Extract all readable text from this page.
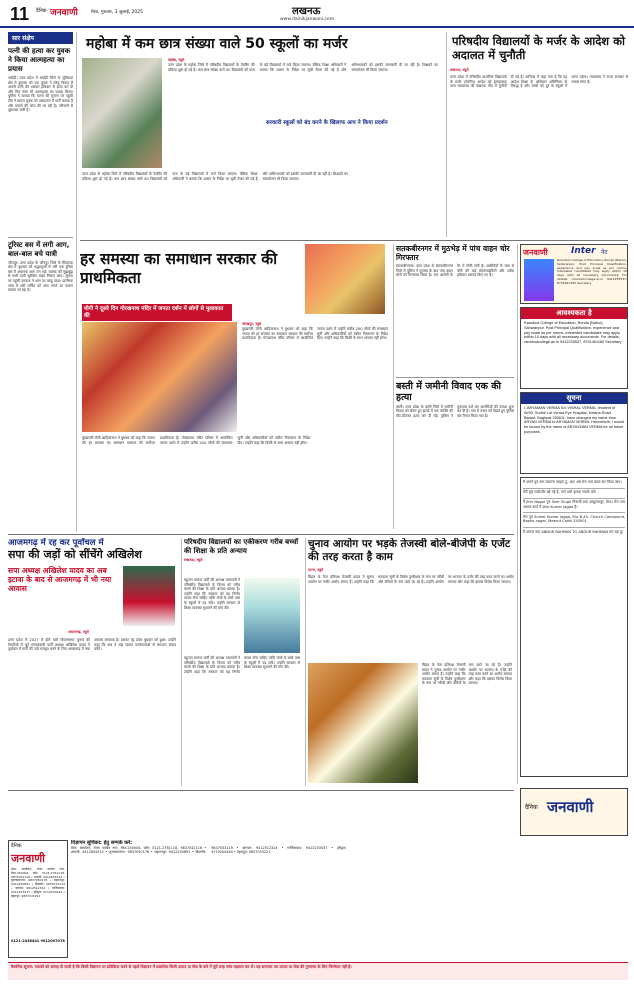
11 दैनिक जनवाणी	मेरठ, गुरुवार, 3 जुलाई, 2025	लखनऊ
www.dainikjanwani.com
सार संक्षेप
पत्नी की हत्या कर युवक ने किया आत्महत्या का प्रयास
भदोही। उत्तर प्रदेश में भदोही जिले के सुरियावां क्षेत्र में बुधवार को एक युवक ने घरेलू विवाद में अपनी पत्नी की धारदार हथियार से हत्या कर दी और फिर स्वयं भी आत्महत्या का प्रयास किया। पुलिस ने बताया कि घटना की सूचना पर पहुंची टीम ने घायल युवक को अस्पताल में भर्ती कराया है और मामले की जांच की जा रही है। परिजनों से पूछताछ जारी है।
टूरिस्ट बस में लगी आग, बाल-बाल बचे यात्री
जौनपुर। उत्तर प्रदेश के जौनपुर जिले के सिकरारा क्षेत्र में बुधवार को श्रद्धालुओं से भरी एक टूरिस्ट बस में अचानक आग लग गई। चालक की सूझबूझ से सभी यात्री सुरक्षित बाहर निकल आए। सूचना पर पहुंची दमकल ने आग पर काबू पाया। प्रारंभिक जांच में शॉर्ट सर्किट को आग लगने का कारण बताया जा रहा है।
महोबा में कम छात्र संख्या वाले 50 स्कूलों का मर्जर
महोबा, ब्यूरो
उत्तर प्रदेश के महोबा जिले में परिषदीय विद्यालयों के पेयरिंग की प्रक्रिया शुरू हो गई है। कम छात्र संख्या वाले 50 विद्यालयों को पास के बड़े विद्यालयों में मर्ज किया जाएगा। बेसिक शिक्षा अधिकारी ने बताया कि शासन के निर्देश पर सूची तैयार की गई है और अभिभावकों को इसकी जानकारी दी जा रही है। शिक्षकों का समायोजन भी किया जाएगा।
सरकारी स्कूलों को बंद करने के खिलाफ आप ने किया प्रदर्शन
उत्तर प्रदेश के महोबा जिले में परिषदीय विद्यालयों के पेयरिंग की प्रक्रिया शुरू हो गई है। कम छात्र संख्या वाले 50 विद्यालयों को पास के बड़े विद्यालयों में मर्ज किया जाएगा। बेसिक शिक्षा अधिकारी ने बताया कि शासन के निर्देश पर सूची तैयार की गई है और अभिभावकों को इसकी जानकारी दी जा रही है। शिक्षकों का समायोजन भी किया जाएगा।
परिषदीय विद्यालयों के मर्जर के आदेश को अदालत में चुनौती
लखनऊ, ब्यूरो
उत्तर प्रदेश में परिषदीय प्राथमिक विद्यालयों के मर्जर (पेयरिंग) आदेश को इलाहाबाद उच्च न्यायालय की लखनऊ पीठ में चुनौती दी गई है। याचिका में कहा गया है कि यह आदेश शिक्षा के अधिकार अधिनियम के विरुद्ध है और बच्चों को दूर के स्कूलों में जाना पड़ेगा। न्यायालय ने राज्य सरकार से जवाब मांगा है।
हर समस्या का समाधान सरकार की प्राथमिकता
योगी ने दूसरे दिन गोरखनाथ मंदिर में जनता दर्शन में लोगों से मुलाकात की
गोरखपुर, ब्यूरो
मुख्यमंत्री योगी आदित्यनाथ ने बुधवार को कहा कि जनता की हर समस्या का समाधान सरकार की सर्वोच्च प्राथमिकता है। गोरखनाथ मंदिर परिसर में आयोजित जनता दर्शन में उन्होंने करीब 200 लोगों की समस्याएं सुनीं और अधिकारियों को त्वरित निस्तारण के निर्देश दिए। उन्होंने कहा कि किसी के साथ अन्याय नहीं होगा।
मुख्यमंत्री योगी आदित्यनाथ ने बुधवार को कहा कि जनता की हर समस्या का समाधान सरकार की सर्वोच्च प्राथमिकता है। गोरखनाथ मंदिर परिसर में आयोजित जनता दर्शन में उन्होंने करीब 200 लोगों की समस्याएं सुनीं और अधिकारियों को त्वरित निस्तारण के निर्देश दिए। उन्होंने कहा कि किसी के साथ अन्याय नहीं होगा।
सतकबीरनगर में मुठभेड़ में पांच वाहन चोर गिरफ्तार
संतकबीरनगर। उत्तर प्रदेश के संतकबीरनगर जिले में पुलिस ने मुठभेड़ के बाद पांच वाहन चोरों को गिरफ्तार किया है। एक आरोपी के पैर में गोली लगी है। आरोपियों के पास से चोरी की कई मोटरसाइकिलें और अवैध हथियार बरामद किए गए हैं।
बस्ती में जमीनी विवाद एक की हत्या
बस्ती। उत्तर प्रदेश के बस्ती जिले में जमीनी विवाद को लेकर हुए झगड़े में एक व्यक्ति की पीट-पीटकर हत्या कर दी गई। पुलिस ने मुकदमा दर्ज कर आरोपियों की तलाश शुरू कर दी है। गांव में तनाव को देखते हुए पुलिस बल तैनात किया गया है।
जनवाणी	Inter नेट
Ramdoot College of Education, Ronda (Nakur), Saharanpur. Post Principal Qualification, experience and pay scale as per norms. Interested candidates may apply within 10 days with all necessary documents. For details: ramdootcollege.ac.in 9412233537, 8791461180 Secretary
आवश्यकता है
Ramdoot College of Education, Ronda (Nakur), Saharanpur. Post Principal Qualification, experience and pay scale as per norms. Interested candidates may apply within 10 days with all necessary documents. For details: ramdootcollege.ac.in 9412233537, 8791461180 Secretary
सूचना
I, ARYAMAN VERMA S/o VISHAL VERMA, resident of W/30, Sudhir Lal Verma Eye Hospital, Kotana Road Baraut, Baghpat 250611, have changed my name from ARYAN VERMA to ARYAMAN VERMA. Henceforth, I would be known by the name of ARYAYMAN VERMA for all future purposes.
मैं अपने पुत्र नाम बदलना चाहता हूं, अतः अब मेरा नाम बदल कर किया जाए।
मेरी मूल मार्कशीट खो गई है, पाने वाले कृपया संपर्क करें।
मैं Jitin Nagar पुत्र Sher Singh निवासी ग्राम अब्दुल्लापुर, मेरठ। मेरा नाम आधार कार्ड में Jitin Kumar Jagga है।
मेरा पुत्र Sumer Kumar Jagga, R/o B-45, Church Compound, Bapna nagar, Meerut Cantt 250001
मैं अपना नाम ABDUR RAHMAN TO ABDUR RAHMAN कर रहा हूं।
आजमगढ़ में रह कर पूर्वांचल में
सपा की जड़ों को सींचेंगे अखिलेश
सपा अध्यक्ष अखिलेश यादव का अब इटावा के बाद से आजमगढ़ में भी नया आवास
आजमगढ़, ब्यूरो
उत्तर प्रदेश में 2027 में होने वाले विधानसभा चुनाव की तैयारियों में जुटे समाजवादी पार्टी अध्यक्ष अखिलेश यादव ने पूर्वांचल में पार्टी की जड़ें मजबूत करने के लिए आजमगढ़ में नया आवास बनवाया है। इसका गृह प्रवेश बुधवार को हुआ। उन्होंने कहा कि अब वे यहां रहकर कार्यकर्ताओं से लगातार संवाद करेंगे।
परिषदीय विद्यालयों का एकीकरण गरीब बच्चों की शिक्षा के प्रति अन्याय
लखनऊ, ब्यूरो
बहुजन समाज पार्टी की अध्यक्ष मायावती ने परिषदीय विद्यालयों के विलय को गरीब बच्चों की शिक्षा के प्रति अन्याय बताया है। उन्होंने कहा कि सरकार को यह निर्णय वापस लेना चाहिए ताकि गांवों के बच्चे पास के स्कूलों में पढ़ सकें। उन्होंने सरकार से शिक्षा व्यवस्था सुधारने की मांग की।
बहुजन समाज पार्टी की अध्यक्ष मायावती ने परिषदीय विद्यालयों के विलय को गरीब बच्चों की शिक्षा के प्रति अन्याय बताया है। उन्होंने कहा कि सरकार को यह निर्णय वापस लेना चाहिए ताकि गांवों के बच्चे पास के स्कूलों में पढ़ सकें। उन्होंने सरकार से शिक्षा व्यवस्था सुधारने की मांग की।
चुनाव आयोग पर भड़के तेजस्वी बोले-बीजेपी के एजेंट की तरह करता है काम
पटना, ब्यूरो
बिहार के नेता प्रतिपक्ष तेजस्वी यादव ने चुनाव आयोग पर गंभीर आरोप लगाए हैं। उन्होंने कहा कि मतदाता सूची के विशेष पुनरीक्षण के नाम पर गरीबों और वंचितों के नाम काटे जा रहे हैं। उन्होंने आयोग पर भाजपा के एजेंट की तरह काम करने का आरोप लगाया और कहा कि इसका विरोध किया जाएगा।
बिहार के नेता प्रतिपक्ष तेजस्वी यादव ने चुनाव आयोग पर गंभीर आरोप लगाए हैं। उन्होंने कहा कि मतदाता सूची के विशेष पुनरीक्षण के नाम पर गरीबों और वंचितों के नाम काटे जा रहे हैं। उन्होंने आयोग पर भाजपा के एजेंट की तरह काम करने का आरोप लगाया और कहा कि इसका विरोध किया जाएगा।
दैनिक जनवाणी
दैनिक
जनवाणी
मेरठ: कार्यालय, मंगल पाण्डेय नगर, मेरठ-250004, फोन: 0121-2761118, 9837042118 • शामली: 9412654312 • मुजफ्फरनगर: 9837050178 • सहारनपुर: 9412230891 • बिजनौर: 9837033119 • बागपत: 9012512324 • गाजियाबाद: 9412233537 • हरिद्वार: 9719200444 • देहरादून: 9837033221
0121-2438441 9012007078
विज्ञापन सूचिका: हेतु सम्पर्क करें:
मेरठ: कार्यालय, मंगल पाण्डेय नगर, मेरठ-250004, फोन: 0121-2761118, 9837042118 • शामली: 9412654312 • मुजफ्फरनगर: 9837050178 • सहारनपुर: 9412230891 • बिजनौर: 9837033119 • बागपत: 9012512324 • गाजियाबाद: 9412233537 • हरिद्वार: 9719200444 • देहरादून: 9837033221
वैधानिक सूचना: पाठकों को सलाह दी जाती है कि किसी विज्ञापन पर प्रतिक्रिया करने से पहले विज्ञापन में प्रकाशित किसी उत्पाद या सेवा के बारे में पूरी तरह जांच-पड़ताल कर लें। यह समाचार पत्र उत्पाद या सेवा की गुणवत्ता के लिए जिम्मेदार नहीं है।
